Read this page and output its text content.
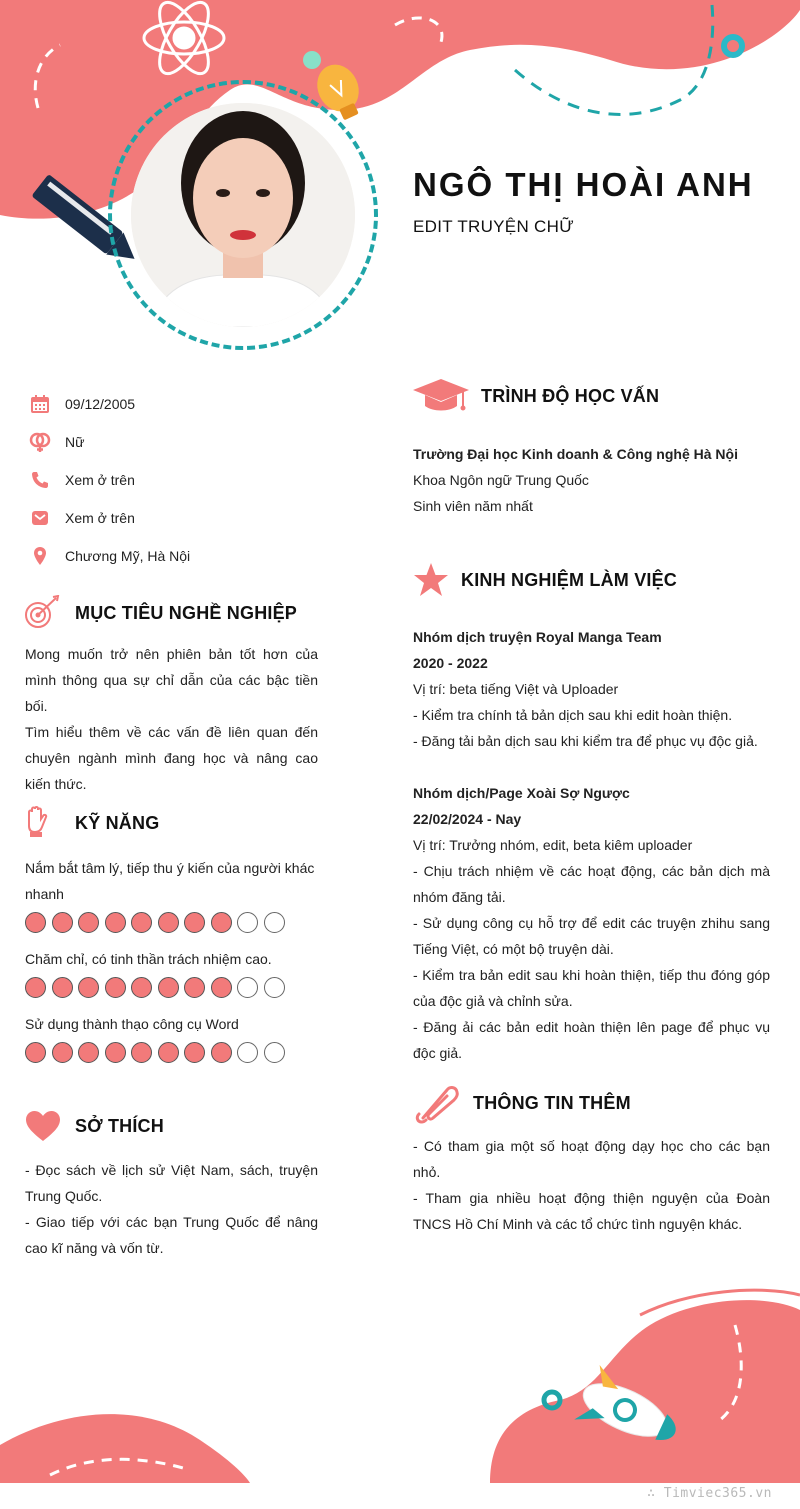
NGÔ THỊ HOÀI ANH
EDIT TRUYỆN CHỮ
09/12/2005
Nữ
Xem ở trên
Xem ở trên
Chương Mỹ, Hà Nội
MỤC TIÊU NGHỀ NGHIỆP
Mong muốn trở nên phiên bản tốt hơn của mình thông qua sự chỉ dẫn của các bậc tiền bối.
Tìm hiểu thêm về các vấn đề liên quan đến chuyên ngành mình đang học và nâng cao kiến thức.
KỸ NĂNG
Nắm bắt tâm lý, tiếp thu ý kiến của người khác nhanh
Chăm chỉ, có tinh thần trách nhiệm cao.
Sử dụng thành thạo công cụ Word
SỞ THÍCH
- Đọc sách về lịch sử Việt Nam, sách, truyện Trung Quốc.
- Giao tiếp với các bạn Trung Quốc để nâng cao kĩ năng và vốn từ.
TRÌNH ĐỘ HỌC VẤN
Trường Đại học Kinh doanh & Công nghệ Hà Nội
Khoa Ngôn ngữ Trung Quốc
Sinh viên năm nhất
KINH NGHIỆM LÀM VIỆC
Nhóm dịch truyện Royal Manga Team
2020 - 2022
Vị trí: beta tiếng Việt và Uploader
- Kiểm tra chính tả bản dịch sau khi edit hoàn thiện.
- Đăng tải bản dịch sau khi kiểm tra để phục vụ độc giả.
Nhóm dịch/Page Xoài Sợ Ngược
22/02/2024 - Nay
Vị trí: Trưởng nhóm, edit, beta kiêm uploader
- Chịu trách nhiệm về các hoạt động, các bản dịch mà nhóm đăng tải.
- Sử dụng công cụ hỗ trợ để edit các truyện zhihu sang Tiếng Việt, có một bộ truyện dài.
- Kiểm tra bản edit sau khi hoàn thiện, tiếp thu đóng góp của độc giả và chỉnh sửa.
- Đăng ải các bản edit hoàn thiện lên page để phục vụ độc giả.
THÔNG TIN THÊM
- Có tham gia một số hoạt động dạy học cho các bạn nhỏ.
- Tham gia nhiều hoạt động thiện nguyện của Đoàn TNCS Hồ Chí Minh và các tổ chức tình nguyện khác.
∴ Timviec365.vn
